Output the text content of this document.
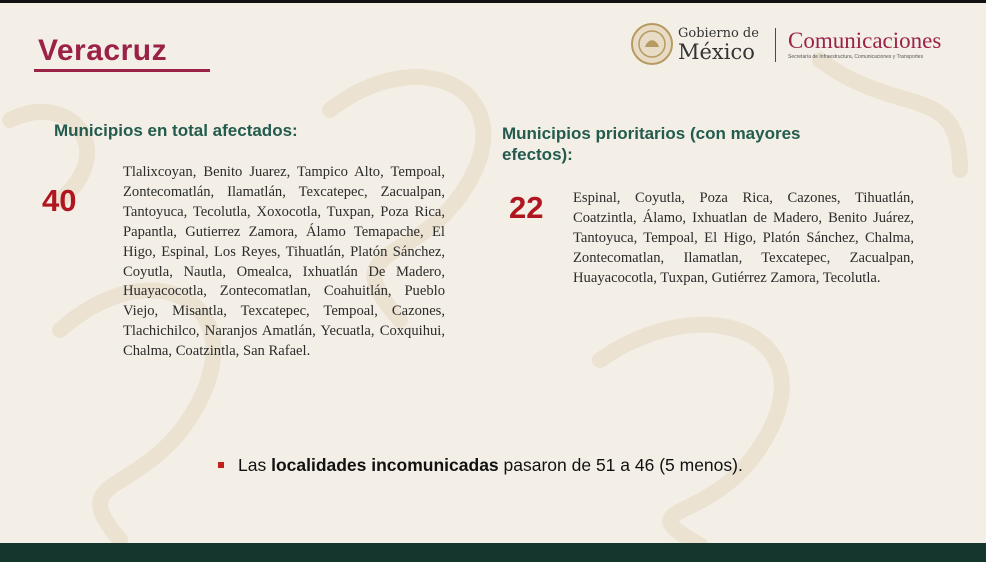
Veracruz
Gobierno de
México Comunicaciones
Secretaría de Infraestructura, Comunicaciones y Transportes
Municipios en total afectados:
40

Tlalixcoyan, Benito Juarez, Tampico Alto, Tempoal, Zontecomatlán, Ilamatlán, Texcatepec, Zacualpan, Tantoyuca, Tecolutla, Xoxocotla, Tuxpan, Poza Rica, Papantla, Gutierrez Zamora, Álamo Temapache, El Higo, Espinal, Los Reyes, Tihuatlán, Platón Sánchez, Coyutla, Nautla, Omealca, Ixhuatlán De Madero, Huayacocotla, Zontecomatlan, Coahuitlán, Pueblo Viejo, Misantla, Texcatepec, Tempoal, Cazones, Tlachichilco, Naranjos Amatlán, Yecuatla, Coxquihui, Chalma, Coatzintla, San Rafael.

Municipios prioritarios (con mayores efectos):
22 Espinal, Coyutla, Poza Rica, Cazones, Tihuatlán, Coatzintla, Álamo, Ixhuatlan de Madero, Benito Juárez, Tantoyuca, Tempoal, El Higo, Platón Sánchez, Chalma, Zontecomatlan, Ilamatlan, Texcatepec, Zacualpan, Huayacocotla, Tuxpan, Gutiérrez Zamora, Tecolutla.

Las localidades incomunicadas pasaron de 51 a 46 (5 menos).
